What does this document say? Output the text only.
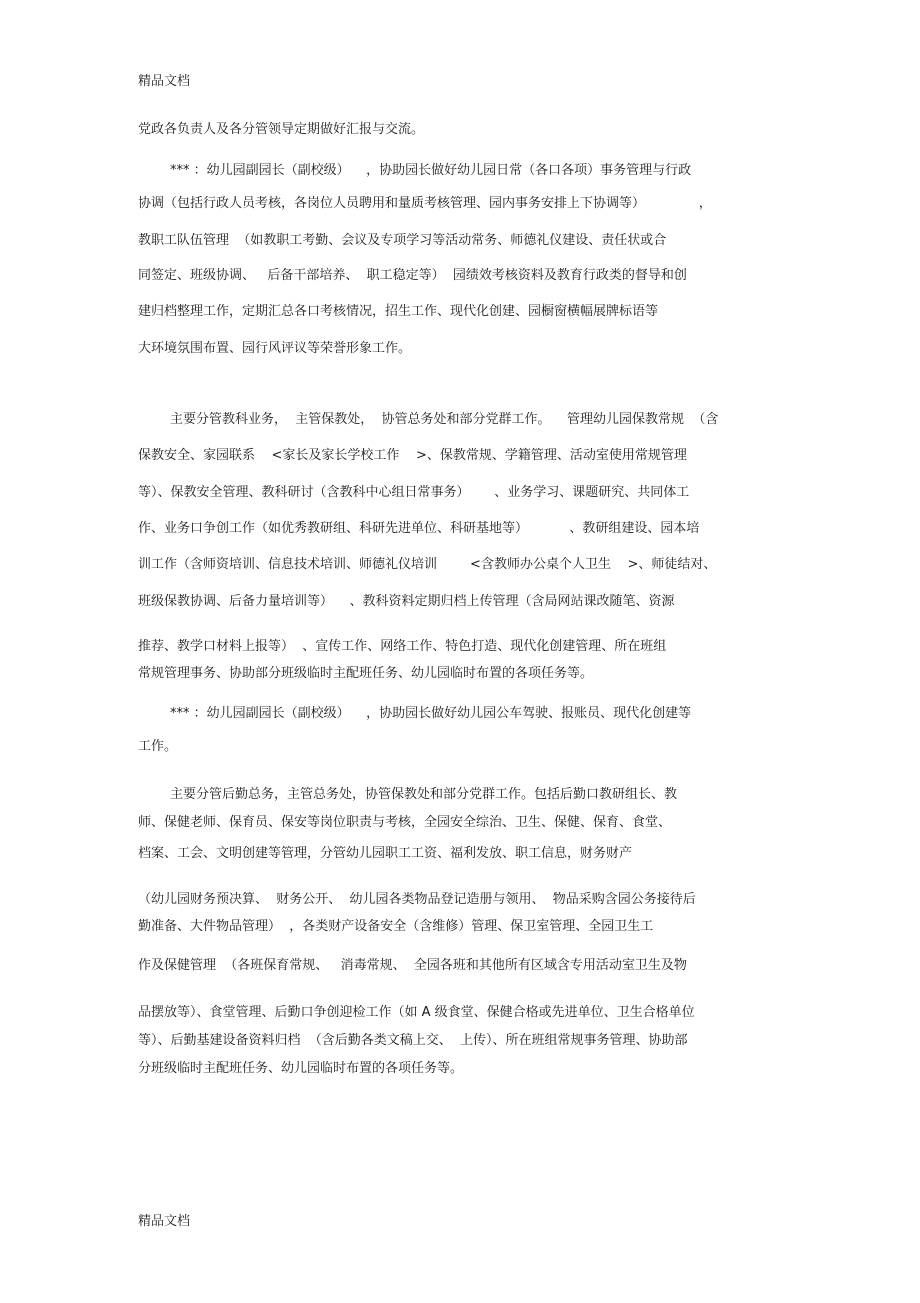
精品文档
党政各负责人及各分管领导定期做好汇报与交流。
*** ：幼儿园副园长（副校级）    ，协助园长做好幼儿园日常（各口各项）事务管理与行政
协调（包括行政人员考核，各岗位人员聘用和量质考核管理、园内事务安排上下协调等）             ，
教职工队伍管理  （如教职工考勤、会议及专项学习等活动常务、师德礼仪建设、责任状或合
同签定、班级协调、   后备干部培养、  职工稳定等）  园绩效考核资料及教育行政类的督导和创
建归档整理工作，定期汇总各口考核情况，招生工作、现代化创建、园橱窗横幅展牌标语等
大环境氛围布置、园行风评议等荣誉形象工作。
主要分管教科业务，  主管保教处，  协管总务处和部分党群工作。    管理幼儿园保教常规  （含
保教安全、家园联系    <家长及家长学校工作    >、保教常规、学籍管理、活动室使用常规管理
等）、保教安全管理、教科研讨（含教科中心组日常事务）      、业务学习、课题研究、共同体工
作、业务口争创工作（如优秀教研组、科研先进单位、科研基地等）          、教研组建设、园本培
训工作（含师资培训、信息技术培训、师德礼仪培训        <含教师办公桌个人卫生    >、师徒结对、
班级保教协调、后备力量培训等）    、教科资料定期归档上传管理（含局网站课改随笔、资源
推荐、教学口材料上报等）  、宣传工作、网络工作、特色打造、现代化创建管理、所在班组
常规管理事务、协助部分班级临时主配班任务、幼儿园临时布置的各项任务等。
*** ：幼儿园副园长（副校级）    ，协助园长做好幼儿园公车驾驶、报账员、现代化创建等
工作。
主要分管后勤总务，主管总务处，协管保教处和部分党群工作。包括后勤口教研组长、教
师、保健老师、保育员、保安等岗位职责与考核，全园安全综治、卫生、保健、保育、食堂、
档案、工会、文明创建等管理，分管幼儿园职工工资、福利发放、职工信息，财务财产
（幼儿园财务预决算、  财务公开、  幼儿园各类物品登记造册与领用、  物品采购含园公务接待后
勤准备、大件物品管理）  ，各类财产设备安全（含维修）管理、保卫室管理、全园卫生工
作及保健管理  （各班保育常规、   消毒常规、  全园各班和其他所有区域含专用活动室卫生及物
品摆放等）、食堂管理、后勤口争创迎检工作（如 A 级食堂、保健合格或先进单位、卫生合格单位
等）、后勤基建设备资料归档  （含后勤各类文稿上交、  上传）、所在班组常规事务管理、协助部
分班级临时主配班任务、幼儿园临时布置的各项任务等。
精品文档
